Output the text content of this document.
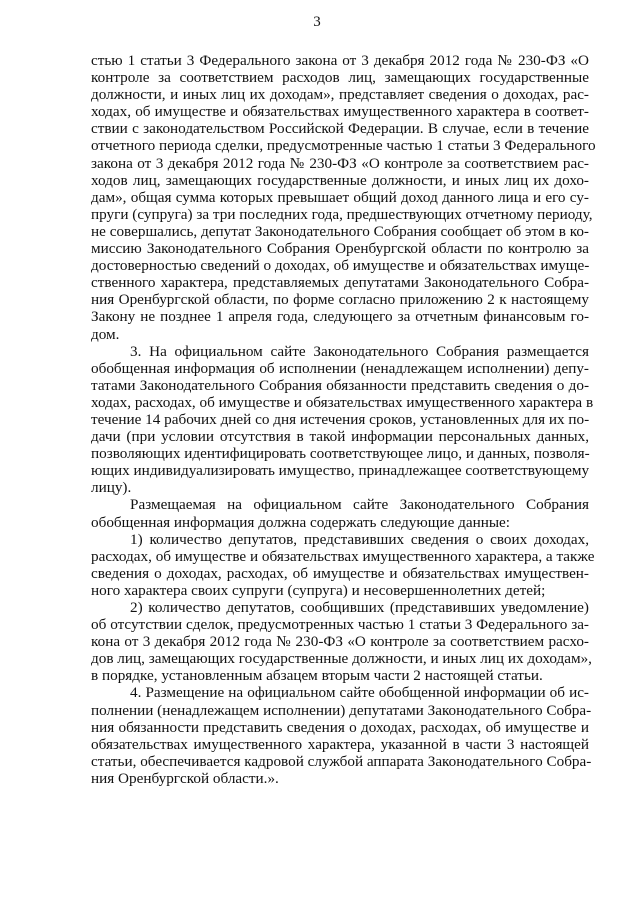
3
стью 1 статьи 3 Федерального закона от 3 декабря 2012 года № 230-ФЗ «О
контроле за соответствием расходов лиц, замещающих государственные
должности, и иных лиц их доходам», представляет сведения о доходах, рас-
ходах, об имуществе и обязательствах имущественного характера в соответ-
ствии с законодательством Российской Федерации. В случае, если в течение
отчетного периода сделки, предусмотренные частью 1 статьи 3 Федерального
закона от 3 декабря 2012 года № 230-ФЗ «О контроле за соответствием рас-
ходов лиц, замещающих государственные должности, и иных лиц их дохо-
дам», общая сумма которых превышает общий доход данного лица и его су-
пруги (супруга) за три последних года, предшествующих отчетному периоду,
не совершались, депутат Законодательного Собрания сообщает об этом в ко-
миссию Законодательного Собрания Оренбургской области по контролю за
достоверностью сведений о доходах, об имуществе и обязательствах имуще-
ственного характера, представляемых депутатами Законодательного Собра-
ния Оренбургской области, по форме согласно приложению 2 к настоящему
Закону не позднее 1 апреля года, следующего за отчетным финансовым го-
дом.
3. На официальном сайте Законодательного Собрания размещается
обобщенная информация об исполнении (ненадлежащем исполнении) депу-
татами Законодательного Собрания обязанности представить сведения о до-
ходах, расходах, об имуществе и обязательствах имущественного характера в
течение 14 рабочих дней со дня истечения сроков, установленных для их по-
дачи (при условии отсутствия в такой информации персональных данных,
позволяющих идентифицировать соответствующее лицо, и данных, позволя-
ющих индивидуализировать имущество, принадлежащее соответствующему
лицу).
Размещаемая на официальном сайте Законодательного Собрания
обобщенная информация должна содержать следующие данные:
1) количество депутатов, представивших сведения о своих доходах,
расходах, об имуществе и обязательствах имущественного характера, а также
сведения о доходах, расходах, об имуществе и обязательствах имуществен-
ного характера своих супруги (супруга) и несовершеннолетних детей;
2) количество депутатов, сообщивших (представивших уведомление)
об отсутствии сделок, предусмотренных частью 1 статьи 3 Федерального за-
кона от 3 декабря 2012 года № 230-ФЗ «О контроле за соответствием расхо-
дов лиц, замещающих государственные должности, и иных лиц их доходам»,
в порядке, установленным абзацем вторым части 2 настоящей статьи.
4. Размещение на официальном сайте обобщенной информации об ис-
полнении (ненадлежащем исполнении) депутатами Законодательного Собра-
ния обязанности представить сведения о доходах, расходах, об имуществе и
обязательствах имущественного характера, указанной в части 3 настоящей
статьи, обеспечивается кадровой службой аппарата Законодательного Собра-
ния Оренбургской области.».
